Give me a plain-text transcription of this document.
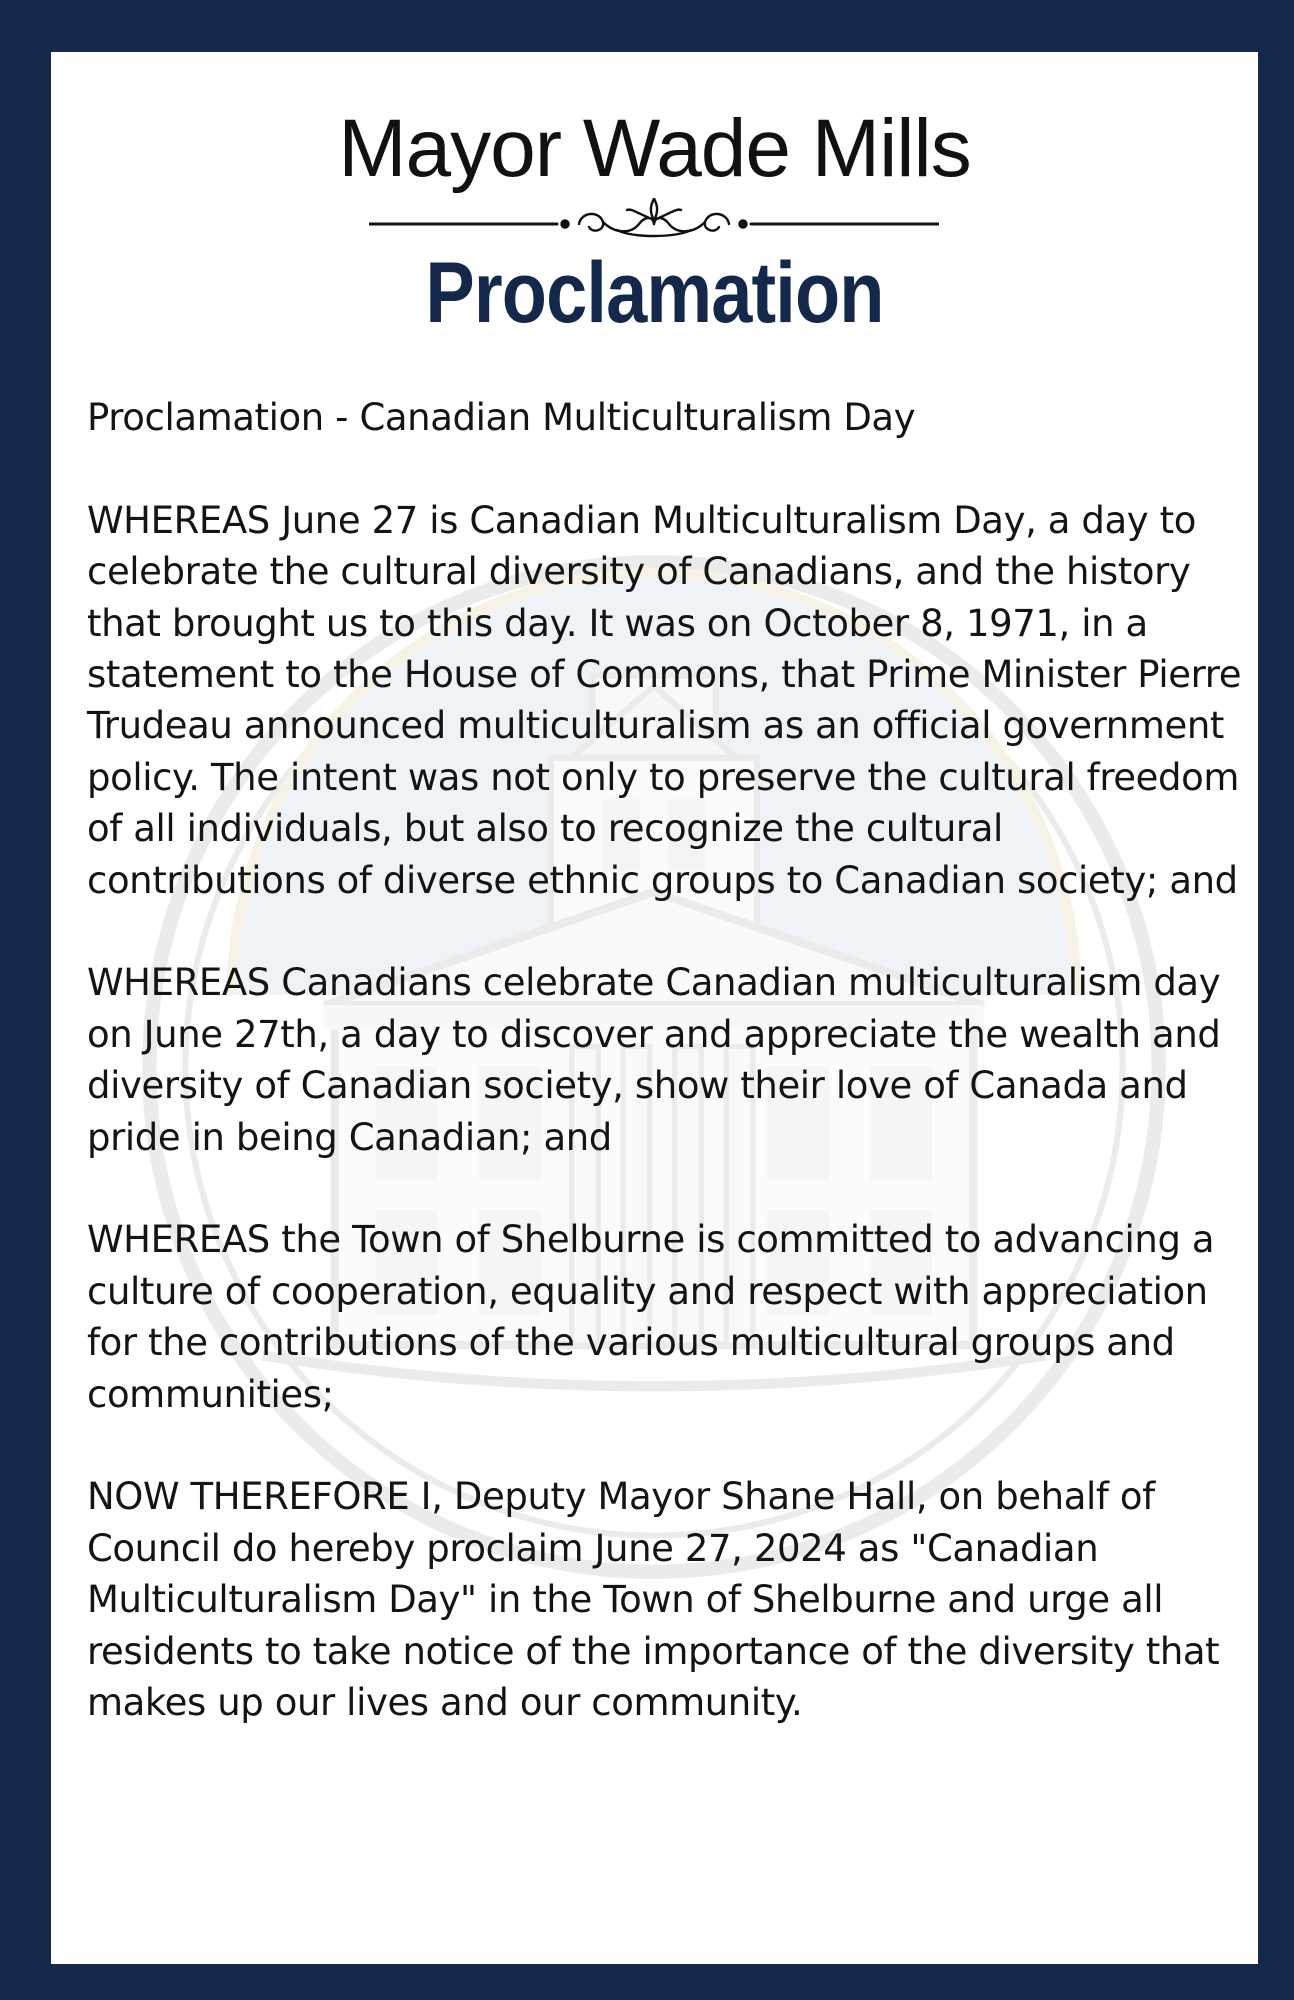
Mayor Wade Mills
Proclamation

Proclamation - Canadian Multiculturalism Day

WHEREAS June 27 is Canadian Multiculturalism Day, a day to celebrate the cultural diversity of Canadians, and the history that brought us to this day. It was on October 8, 1971, in a statement to the House of Commons, that Prime Minister Pierre Trudeau announced multiculturalism as an official government policy. The intent was not only to preserve the cultural freedom of all individuals, but also to recognize the cultural contributions of diverse ethnic groups to Canadian society; and

WHEREAS Canadians celebrate Canadian multiculturalism day on June 27th, a day to discover and appreciate the wealth and diversity of Canadian society, show their love of Canada and pride in being Canadian; and

WHEREAS the Town of Shelburne is committed to advancing a culture of cooperation, equality and respect with appreciation for the contributions of the various multicultural groups and communities;

NOW THEREFORE I, Deputy Mayor Shane Hall, on behalf of Council do hereby proclaim June 27, 2024 as "Canadian Multiculturalism Day" in the Town of Shelburne and urge all residents to take notice of the importance of the diversity that makes up our lives and our community.
